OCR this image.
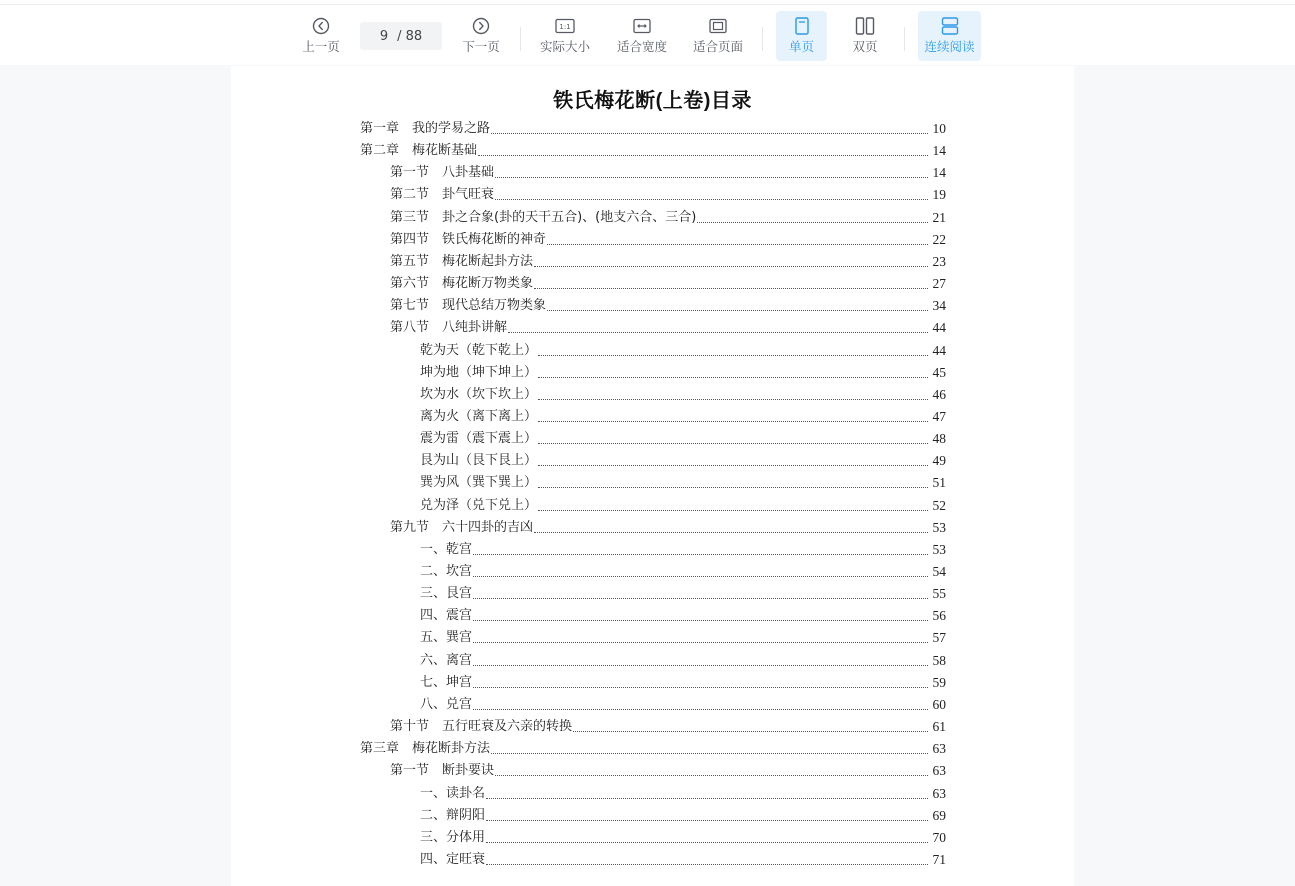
上一页
9 / 88
下一页
1:1
实际大小 适合宽度 适合页面	单页	双页	连续阅读
铁氏梅花断(上卷)目录
第一章　我的学易之路	10
第二章　梅花断基础	14
第一节　八卦基础	14
第二节　卦气旺衰	19
第三节　卦之合象(卦的天干五合)、(地支六合、三合)	21
第四节　铁氏梅花断的神奇	22
第五节　梅花断起卦方法	23
第六节　梅花断万物类象	27
第七节　现代总结万物类象	34
第八节　八纯卦讲解	44
乾为天（乾下乾上）	44
坤为地（坤下坤上）	45
坎为水（坎下坎上）	46
离为火（离下离上）	47
震为雷（震下震上）	48
艮为山（艮下艮上）	49
巽为风（巽下巽上）	51
兑为泽（兑下兑上）	52
第九节　六十四卦的吉凶	53
一、乾宫	53
二、坎宫	54
三、艮宫	55
四、震宫	56
五、巽宫	57
六、离宫	58
七、坤宫	59
八、兑宫	60
第十节　五行旺衰及六亲的转换	61
第三章　梅花断卦方法	63
第一节　断卦要诀	63
一、读卦名	63
二、辩阴阳	69
三、分体用	70
四、定旺衰	71
